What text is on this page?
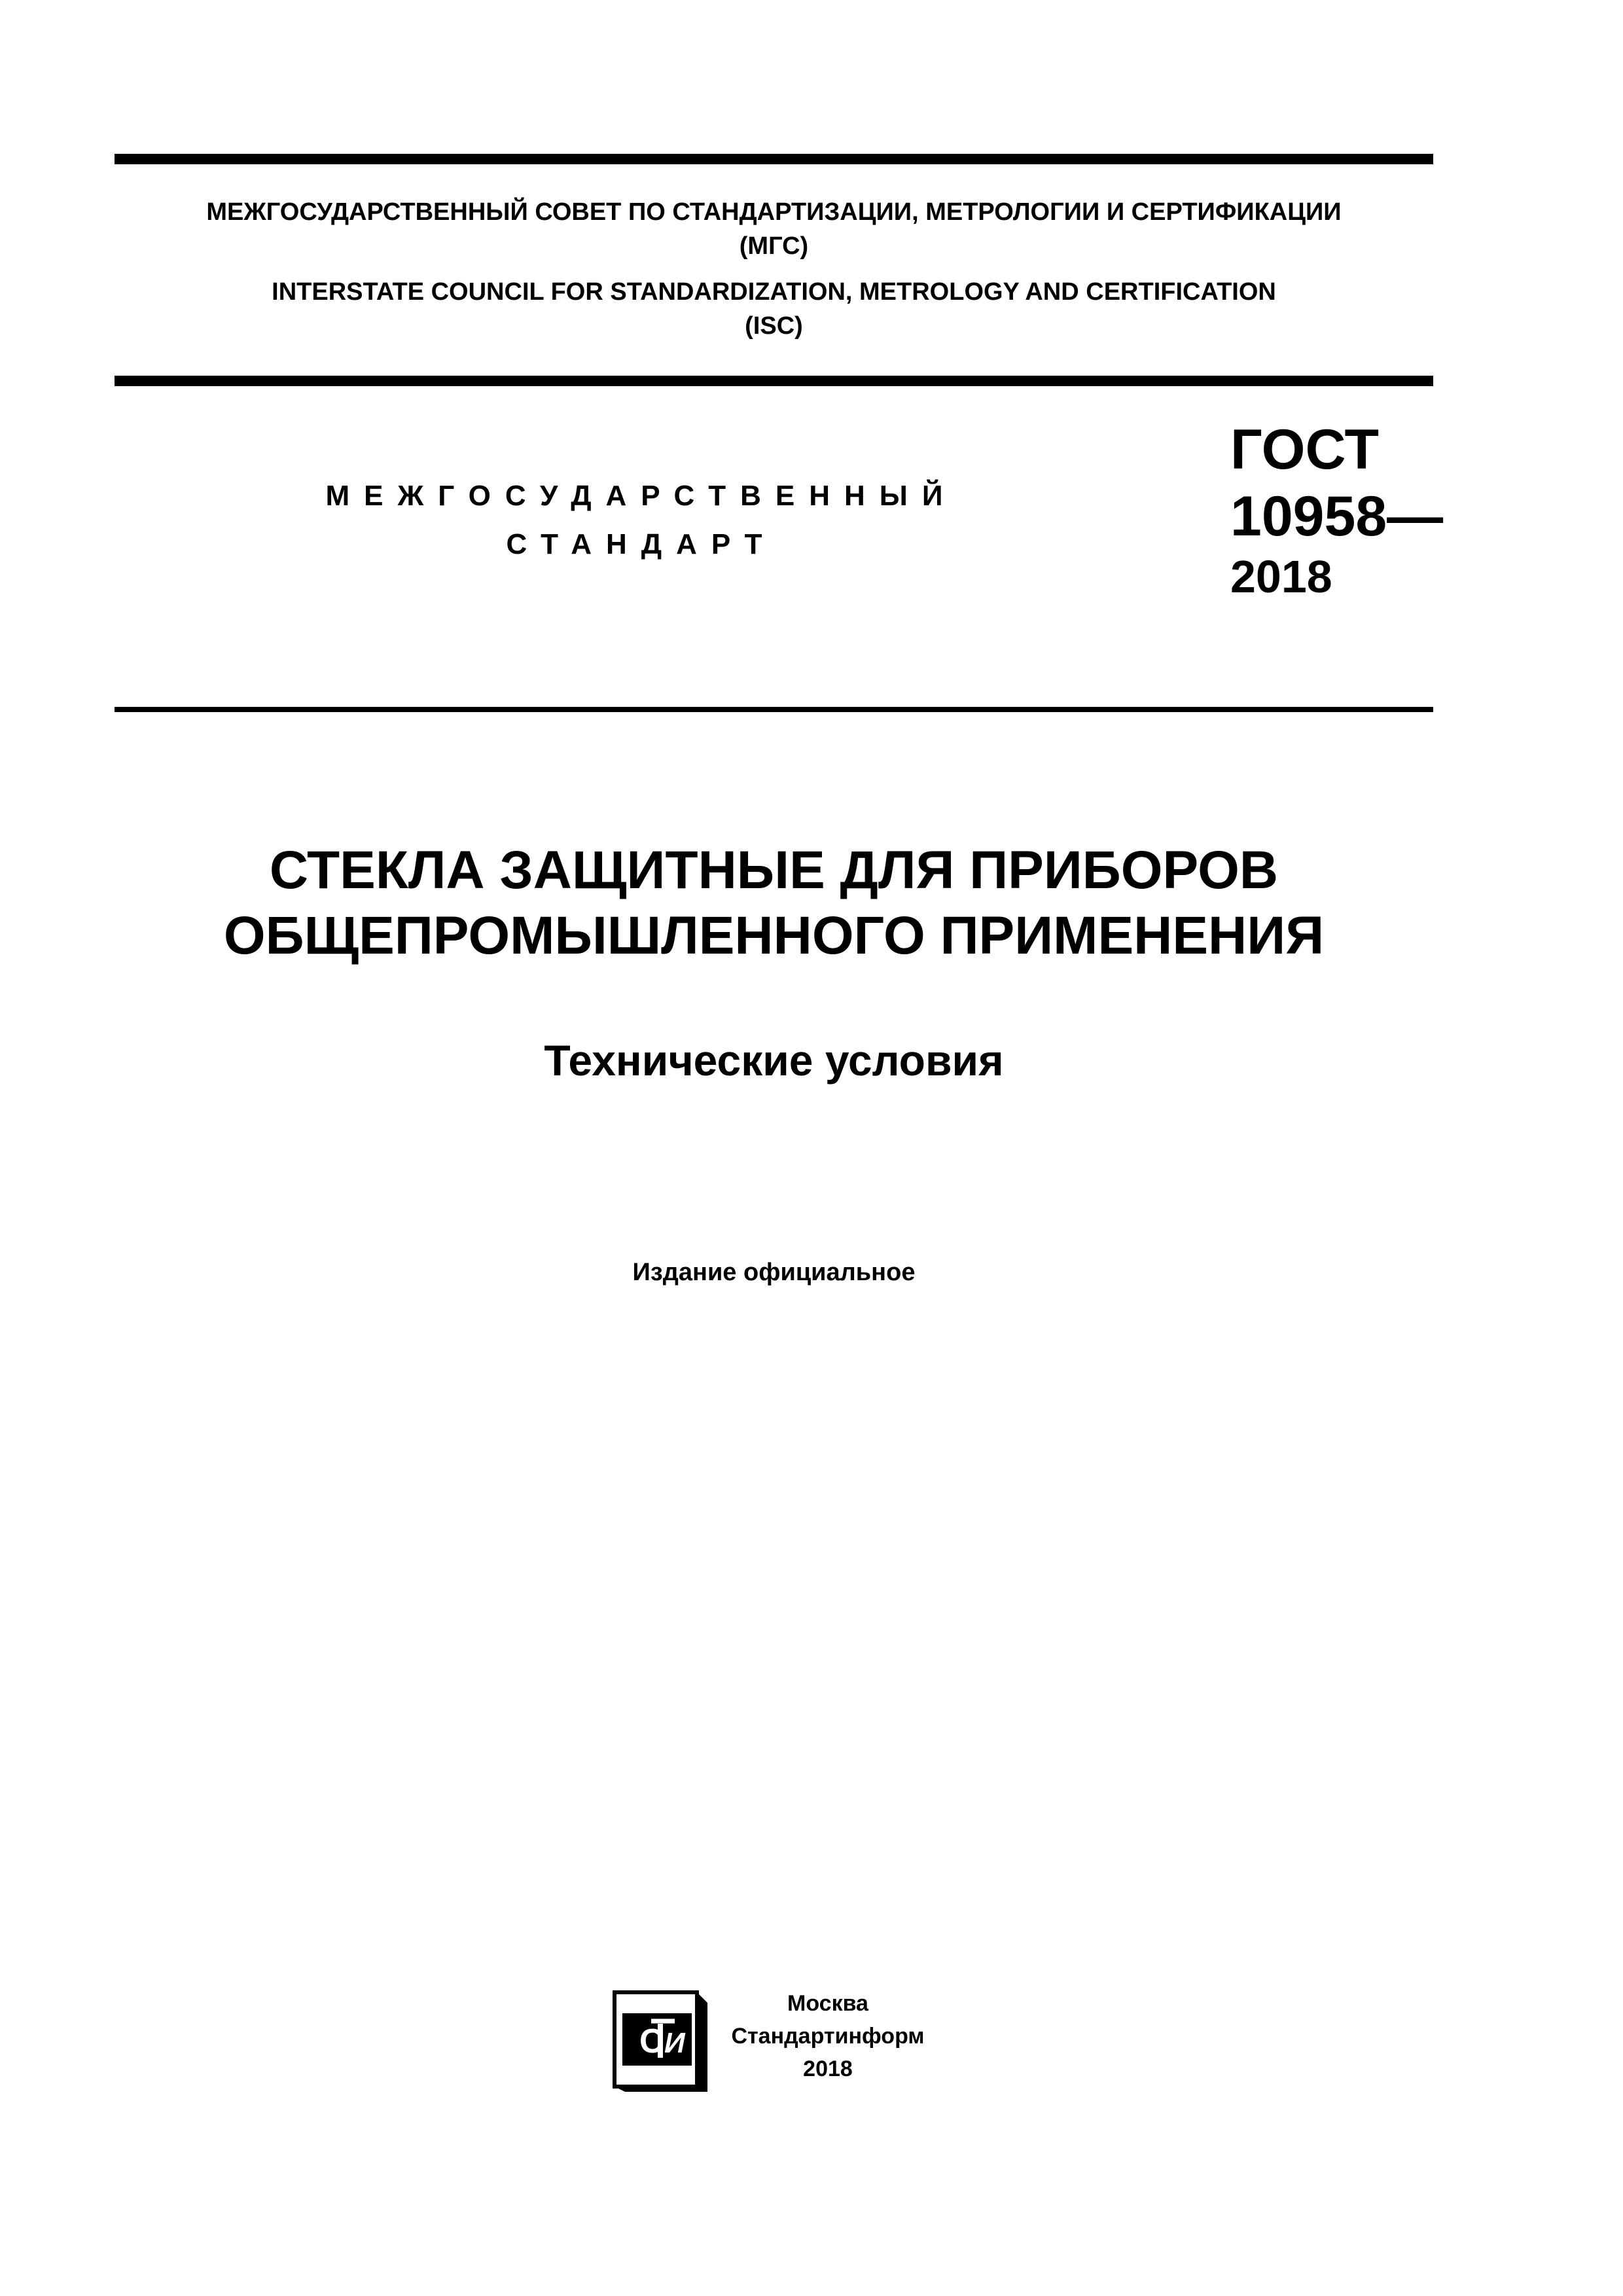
МЕЖГОСУДАРСТВЕННЫЙ СОВЕТ ПО СТАНДАРТИЗАЦИИ, МЕТРОЛОГИИ И СЕРТИФИКАЦИИ
(МГС)
INTERSTATE COUNCIL FOR STANDARDIZATION, METROLOGY AND CERTIFICATION
(ISC)
МЕЖГОСУДАРСТВЕННЫЙ
СТАНДАРТ
ГОСТ
10958—
2018
СТЕКЛА ЗАЩИТНЫЕ ДЛЯ ПРИБОРОВ
ОБЩЕПРОМЫШЛЕННОГО ПРИМЕНЕНИЯ
Технические условия
Издание официальное
С И
Москва
Стандартинформ
2018
